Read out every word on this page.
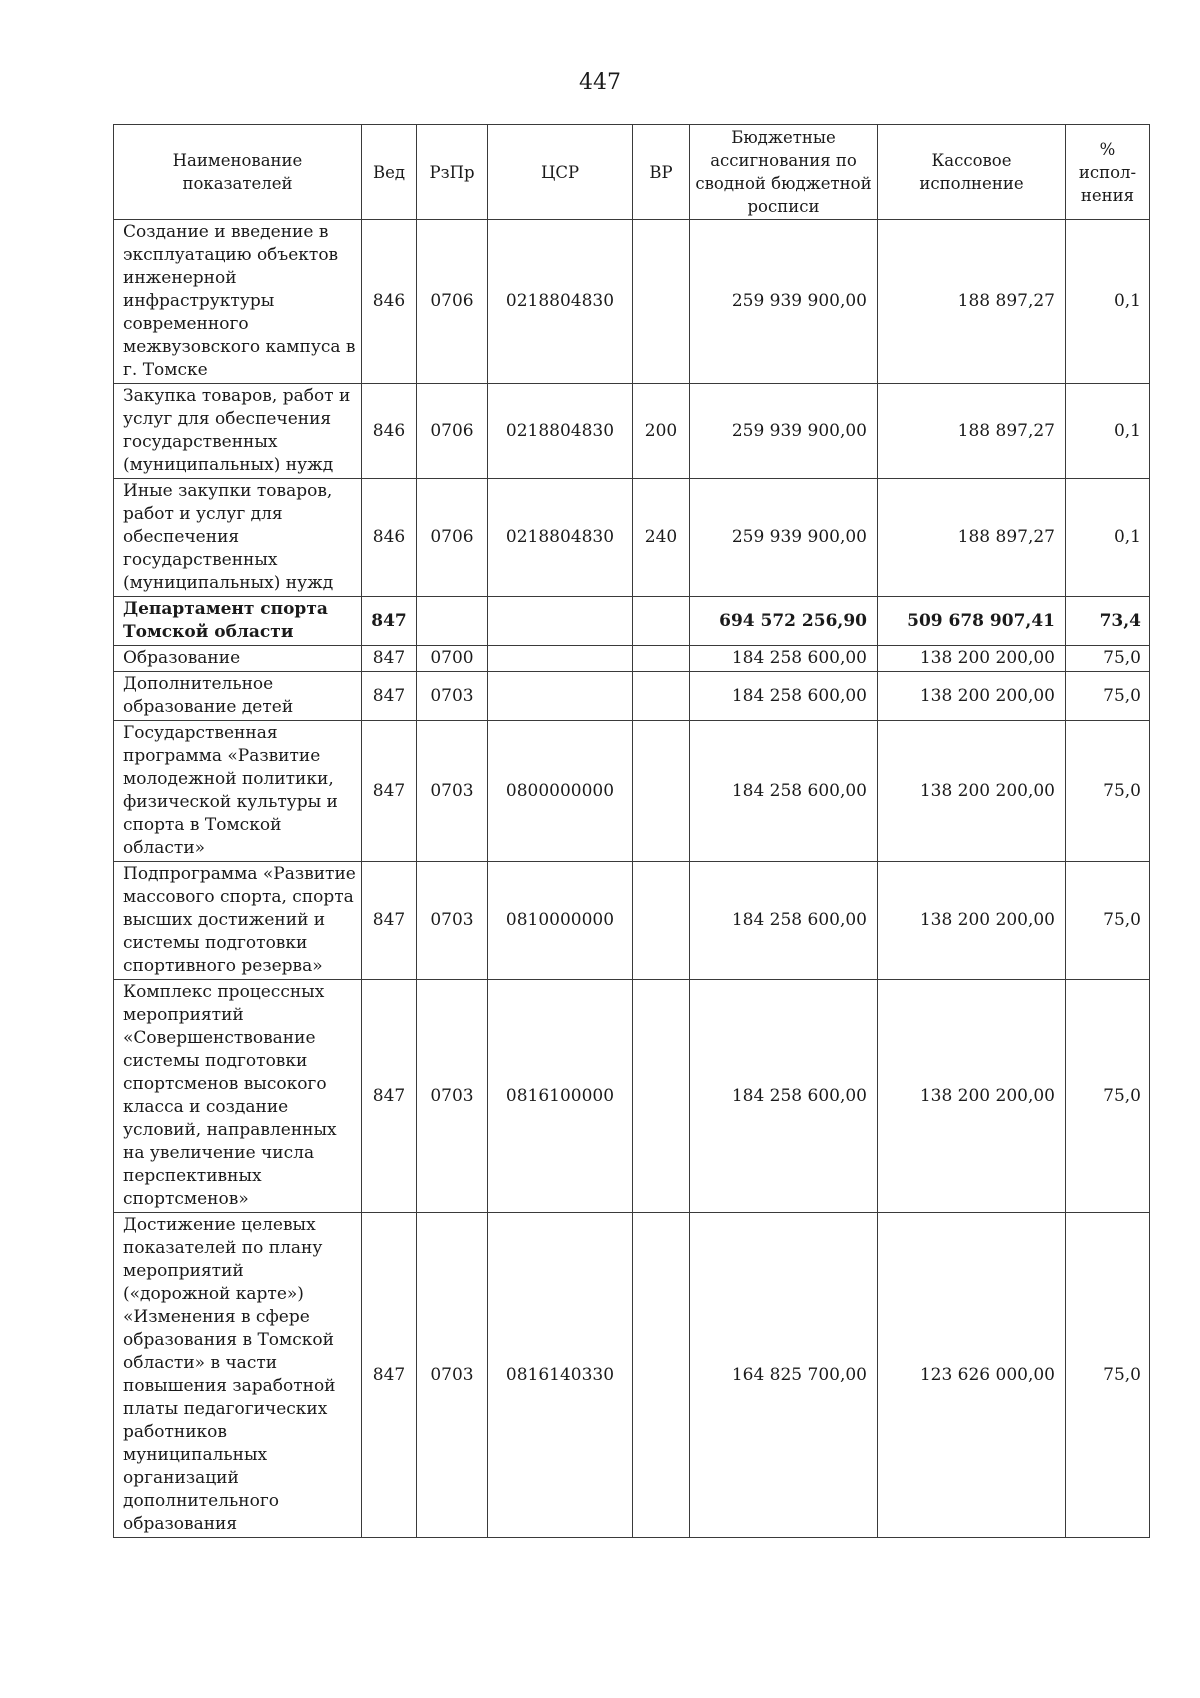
447
Наименование показателей	Вед	РзПр	ЦСР	ВР	Бюджетные ассигнования по сводной бюджетной росписи	Кассовое исполнение	% испол-нения
Создание и введение в эксплуатацию объектов инженерной инфраструктуры современного межвузовского кампуса в г. Томске	846	0706	0218804830		259 939 900,00	188 897,27	0,1
Закупка товаров, работ и услуг для обеспечения государственных (муниципальных) нужд	846	0706	0218804830	200	259 939 900,00	188 897,27	0,1
Иные закупки товаров, работ и услуг для обеспечения государственных (муниципальных) нужд	846	0706	0218804830	240	259 939 900,00	188 897,27	0,1
Департамент спорта Томской области	847				694 572 256,90	509 678 907,41	73,4
Образование	847	0700			184 258 600,00	138 200 200,00	75,0
Дополнительное образование детей	847	0703			184 258 600,00	138 200 200,00	75,0
Государственная программа «Развитие молодежной политики, физической культуры и спорта в Томской области»	847	0703	0800000000		184 258 600,00	138 200 200,00	75,0
Подпрограмма «Развитие массового спорта, спорта высших достижений и системы подготовки спортивного резерва»	847	0703	0810000000		184 258 600,00	138 200 200,00	75,0
Комплекс процессных мероприятий «Совершенствование системы подготовки спортсменов высокого класса и создание условий, направленных на увеличение числа перспективных спортсменов»	847	0703	0816100000		184 258 600,00	138 200 200,00	75,0
Достижение целевых показателей по плану мероприятий («дорожной карте») «Изменения в сфере образования в Томской области» в части повышения заработной платы педагогических работников муниципальных организаций дополнительного образования	847	0703	0816140330		164 825 700,00	123 626 000,00	75,0
